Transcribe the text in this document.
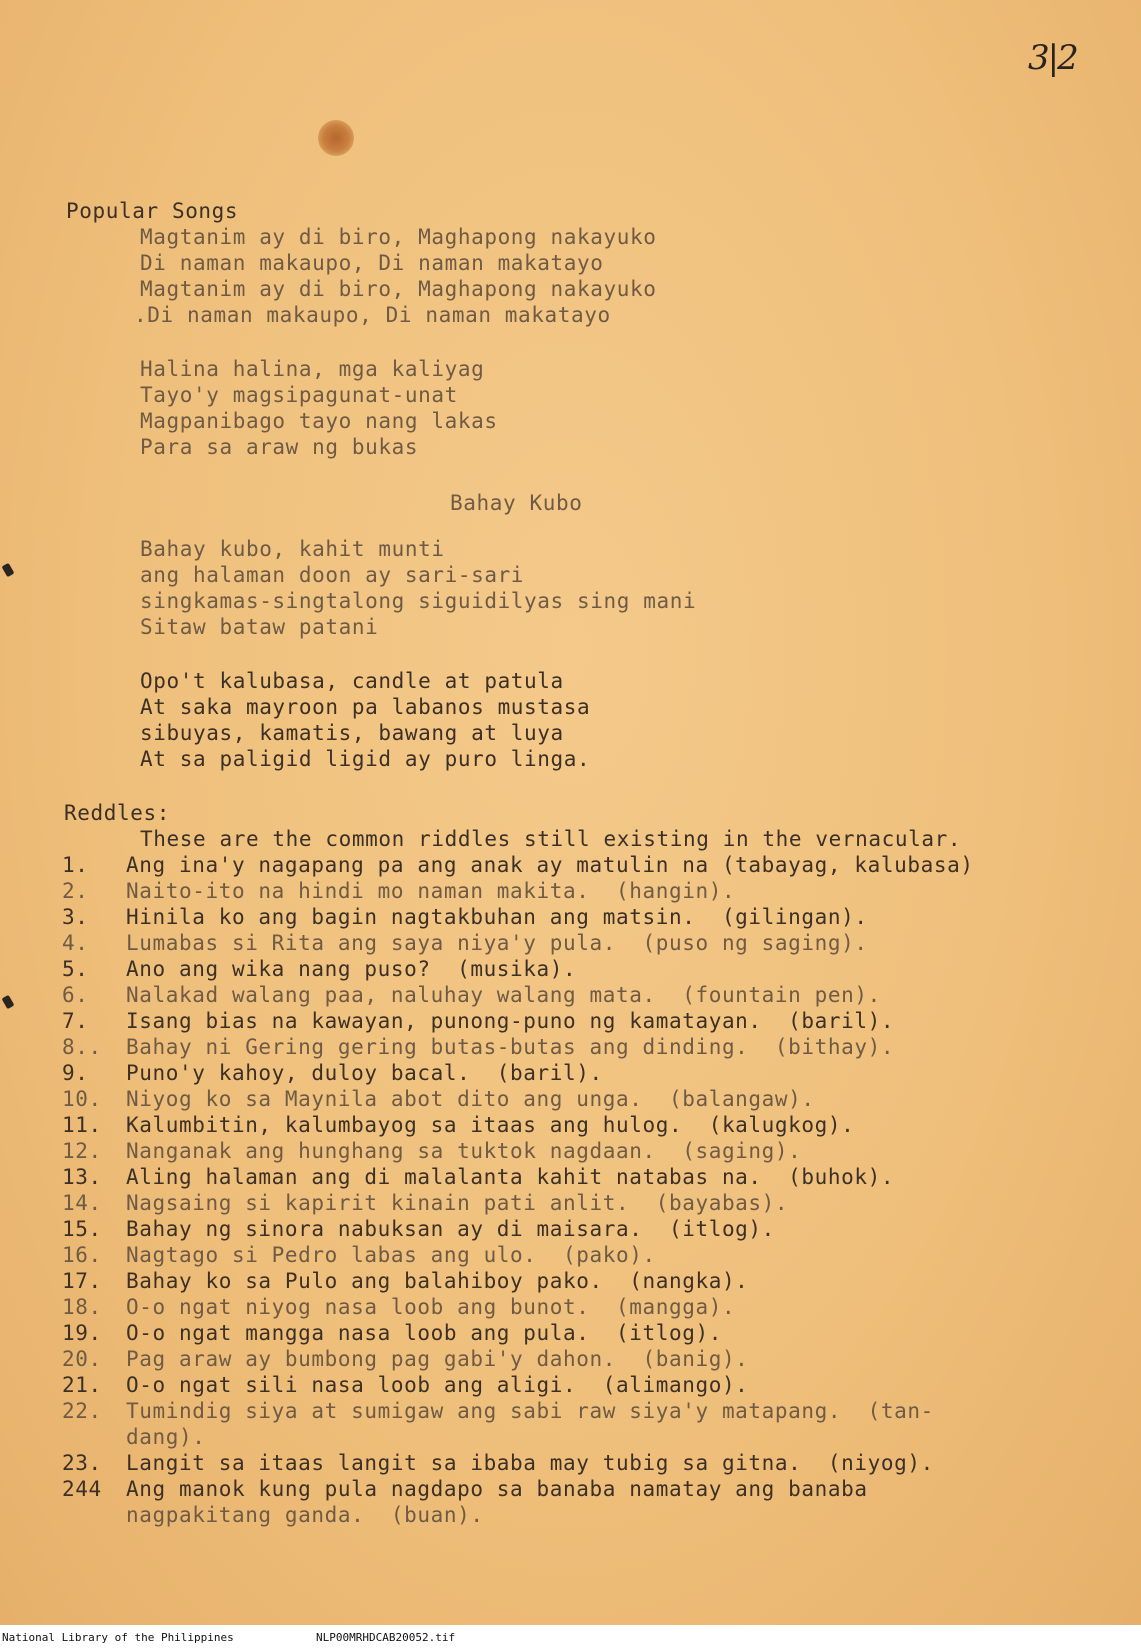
3|2
Popular Songs
Magtanim ay di biro, Maghapong nakayuko
Di naman makaupo, Di naman makatayo
Magtanim ay di biro, Maghapong nakayuko
.Di naman makaupo, Di naman makatayo
Halina halina, mga kaliyag
Tayo'y magsipagunat-unat
Magpanibago tayo nang lakas
Para sa araw ng bukas
Bahay Kubo
Bahay kubo, kahit munti
ang halaman doon ay sari-sari
singkamas-singtalong siguidilyas sing mani
Sitaw bataw patani
Opo't kalubasa, candle at patula
At saka mayroon pa labanos mustasa
sibuyas, kamatis, bawang at luya
At sa paligid ligid ay puro linga.
Reddles:
These are the common riddles still existing in the vernacular.
1. Ang ina'y nagapang pa ang anak ay matulin na (tabayag, kalubasa)
2. Naito-ito na hindi mo naman makita.  (hangin).
3. Hinila ko ang bagin nagtakbuhan ang matsin.  (gilingan).
4. Lumabas si Rita ang saya niya'y pula.  (puso ng saging).
5. Ano ang wika nang puso?  (musika).
6. Nalakad walang paa, naluhay walang mata.  (fountain pen).
7. Isang bias na kawayan, punong-puno ng kamatayan.  (baril).
8.. Bahay ni Gering gering butas-butas ang dinding.  (bithay).
9. Puno'y kahoy, duloy bacal.  (baril).
10. Niyog ko sa Maynila abot dito ang unga.  (balangaw).
11. Kalumbitin, kalumbayog sa itaas ang hulog.  (kalugkog).
12. Nanganak ang hunghang sa tuktok nagdaan.  (saging).
13. Aling halaman ang di malalanta kahit natabas na.  (buhok).
14. Nagsaing si kapirit kinain pati anlit.  (bayabas).
15. Bahay ng sinora nabuksan ay di maisara.  (itlog).
16. Nagtago si Pedro labas ang ulo.  (pako).
17. Bahay ko sa Pulo ang balahiboy pako.  (nangka).
18. O-o ngat niyog nasa loob ang bunot.  (mangga).
19. O-o ngat mangga nasa loob ang pula.  (itlog).
20. Pag araw ay bumbong pag gabi'y dahon.  (banig).
21. O-o ngat sili nasa loob ang aligi.  (alimango).
22. Tumindig siya at sumigaw ang sabi raw siya'y matapang.  (tan-
dang).
23. Langit sa itaas langit sa ibaba may tubig sa gitna.  (niyog).
244 Ang manok kung pula nagdapo sa banaba namatay ang banaba
nagpakitang ganda.  (buan).
National Library of the Philippines	NLP00MRHDCAB20052.tif
